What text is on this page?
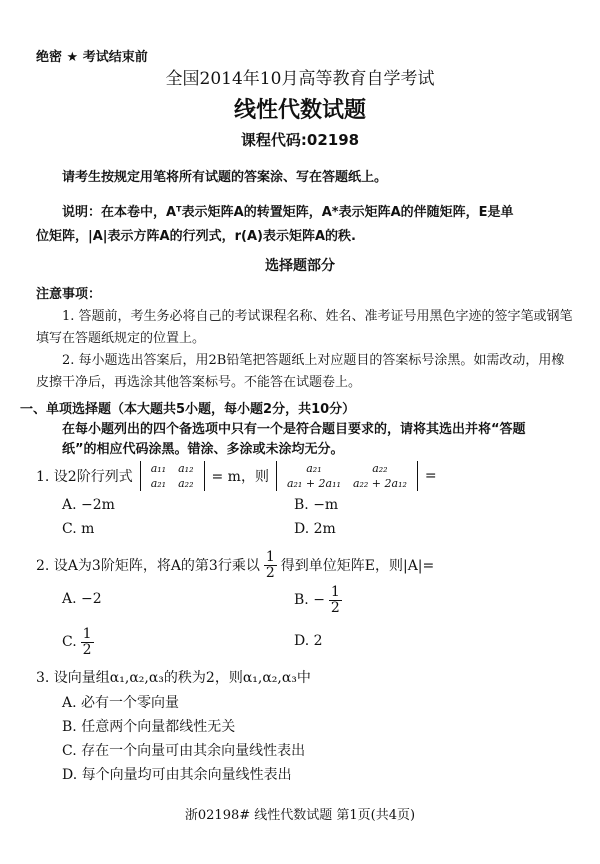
绝密 ★ 考试结束前
全国2014年10月高等教育自学考试
线性代数试题
课程代码:02198
请考生按规定用笔将所有试题的答案涂、写在答题纸上。
说明：在本卷中，Aᵀ表示矩阵A的转置矩阵，A*表示矩阵A的伴随矩阵，E是单
位矩阵，|A|表示方阵A的行列式，r(A)表示矩阵A的秩.
选择题部分
注意事项：
1. 答题前，考生务必将自己的考试课程名称、姓名、准考证号用黑色字迹的签字笔或钢笔
填写在答题纸规定的位置上。
2. 每小题选出答案后，用2B铅笔把答题纸上对应题目的答案标号涂黑。如需改动，用橡
皮擦干净后，再选涂其他答案标号。不能答在试题卷上。
一、单项选择题（本大题共5小题，每小题2分，共10分）
在每小题列出的四个备选项中只有一个是符合题目要求的，请将其选出并将“答题
纸”的相应代码涂黑。错涂、多涂或未涂均无分。
1. 设2阶行列式
a₁₁	a₁₂
a₂₁	a₂₂ = m，则
a₂₁	a₂₂
a₂₁ + 2a₁₁	a₂₂ + 2a₁₂ =
A. −2m	B. −m
C. m	D. 2m
2. 设A为3阶矩阵，将A的第3行乘以 $\frac{1}{2}$ 得到单位矩阵E，则|A|=
A. −2	B. − $\frac{1}{2}$
C. $\frac{1}{2}$	D. 2
3. 设向量组α₁,α₂,α₃的秩为2，则α₁,α₂,α₃中
A. 必有一个零向量
B. 任意两个向量都线性无关
C. 存在一个向量可由其余向量线性表出
D. 每个向量均可由其余向量线性表出
浙02198# 线性代数试题 第1页(共4页)
